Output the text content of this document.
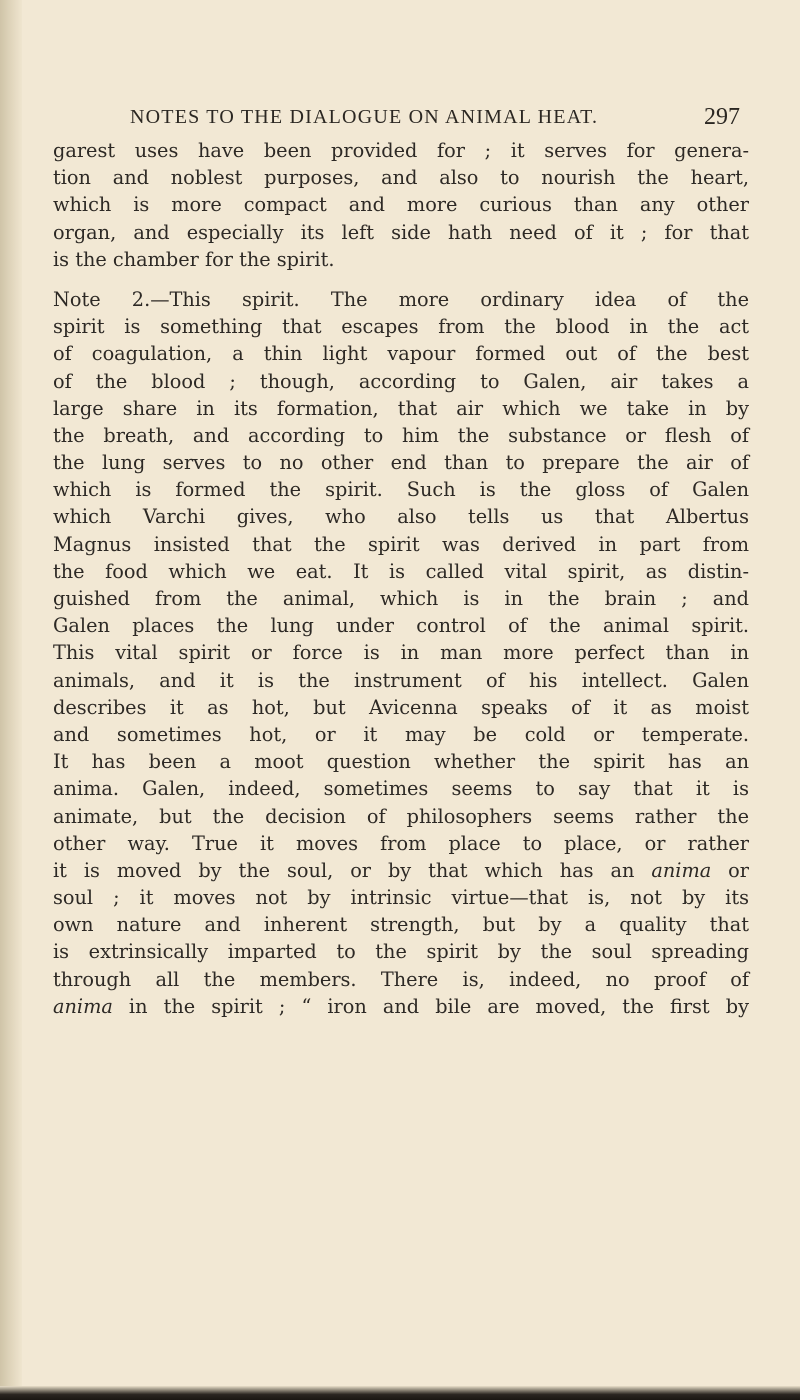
NOTES TO THE DIALOGUE ON ANIMAL HEAT.	297
garest uses have been provided for ; it serves for genera-
tion and noblest purposes, and also to nourish the heart,
which is more compact and more curious than any other
organ, and especially its left side hath need of it ; for that
is the chamber for the spirit.
Note 2.—This spirit. The more ordinary idea of the
spirit is something that escapes from the blood in the act
of coagulation, a thin light vapour formed out of the best
of the blood ; though, according to Galen, air takes a
large share in its formation, that air which we take in by
the breath, and according to him the substance or flesh of
the lung serves to no other end than to prepare the air of
which is formed the spirit. Such is the gloss of Galen
which Varchi gives, who also tells us that Albertus
Magnus insisted that the spirit was derived in part from
the food which we eat. It is called vital spirit, as distin-
guished from the animal, which is in the brain ; and
Galen places the lung under control of the animal spirit.
This vital spirit or force is in man more perfect than in
animals, and it is the instrument of his intellect. Galen
describes it as hot, but Avicenna speaks of it as moist
and sometimes hot, or it may be cold or temperate.
It has been a moot question whether the spirit has an
anima. Galen, indeed, sometimes seems to say that it is
animate, but the decision of philosophers seems rather the
other way. True it moves from place to place, or rather
it is moved by the soul, or by that which has an anima or
soul ; it moves not by intrinsic virtue—that is, not by its
own nature and inherent strength, but by a quality that
is extrinsically imparted to the spirit by the soul spreading
through all the members. There is, indeed, no proof of
anima in the spirit ; “ iron and bile are moved, the first by
